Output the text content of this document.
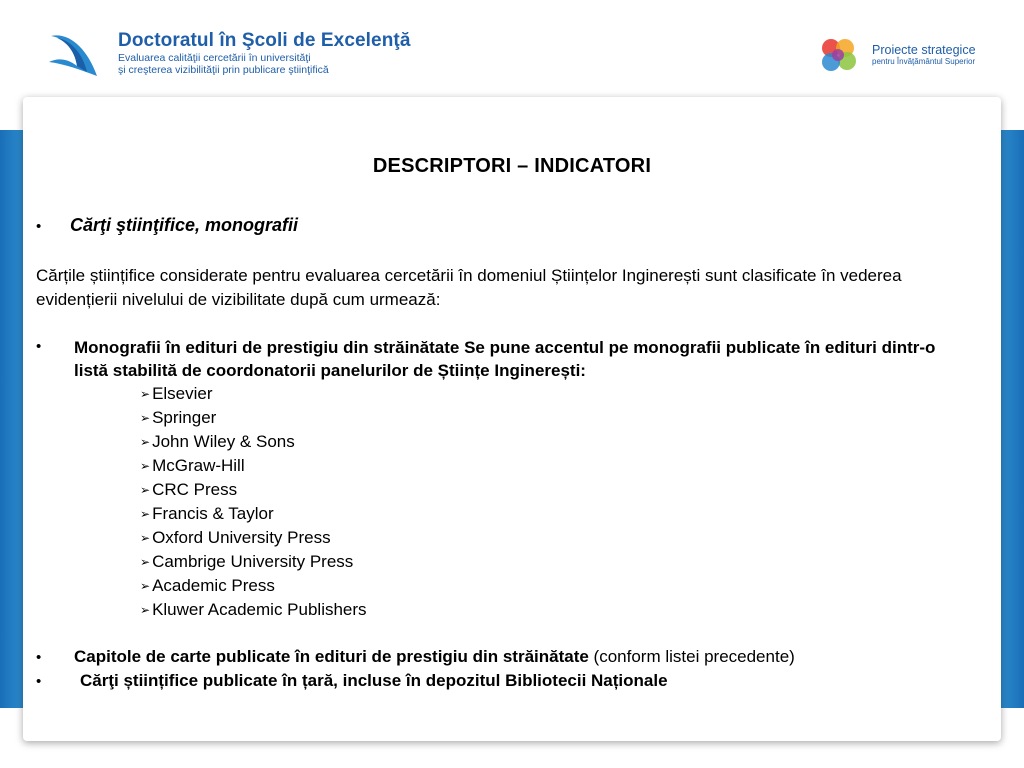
Doctoratul în Şcoli de Excelenţă
Evaluarea calităţii cercetării în universităţi
şi creşterea vizibilităţii prin publicare ştiinţifică
Proiecte strategice
pentru Învăţământul Superior
DESCRIPTORI – INDICATORI
• Cărţi ştiinţifice, monografii
Cărțile științifice considerate pentru evaluarea cercetării în domeniul Științelor Inginerești sunt clasificate în vederea evidențierii nivelului de vizibilitate după cum urmează:
• Monografii în edituri de prestigiu din străinătate Se pune accentul pe monografii publicate în edituri dintr-o listă stabilită de coordonatorii panelurilor de Științe Inginerești:
➢ Elsevier
➢ Springer
➢ John Wiley & Sons
➢ McGraw-Hill
➢ CRC Press
➢ Francis & Taylor
➢ Oxford University Press
➢ Cambrige University Press
➢ Academic Press
➢ Kluwer Academic Publishers
• Capitole de carte publicate în edituri de prestigiu din străinătate (conform listei precedente)
• Cărţi științifice publicate în țară, incluse în depozitul Bibliotecii Naționale
